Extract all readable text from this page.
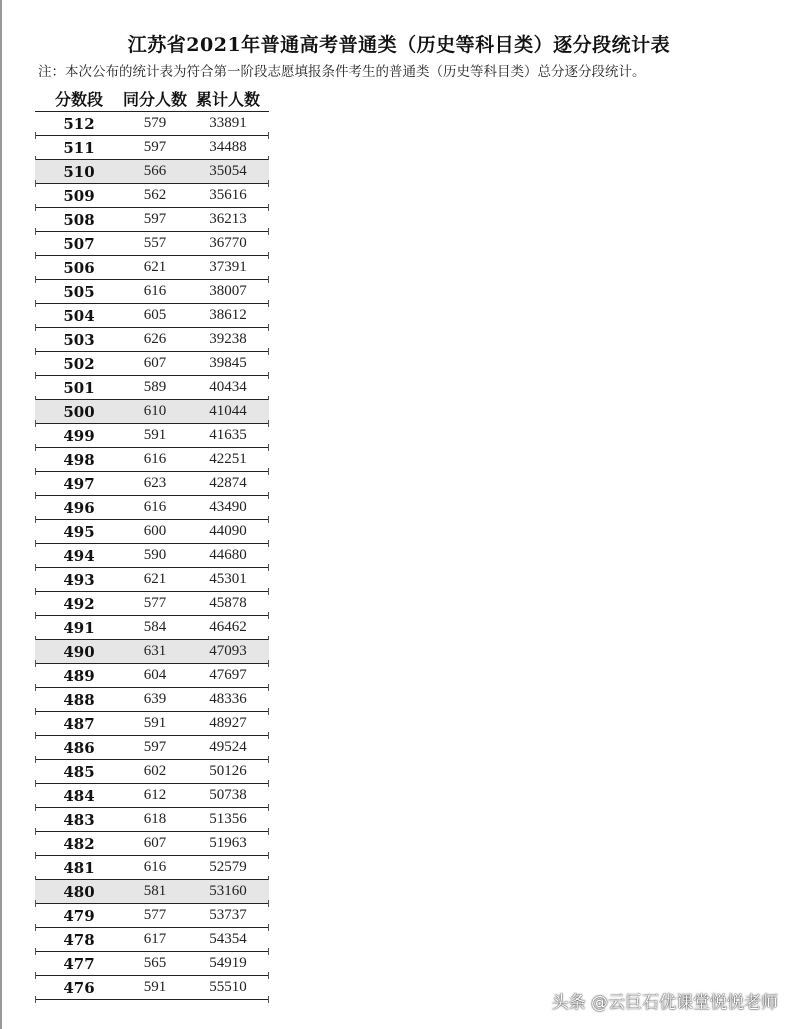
江苏省2021年普通高考普通类（历史等科目类）逐分段统计表
注：本次公布的统计表为符合第一阶段志愿填报条件考生的普通类（历史等科目类）总分逐分段统计。
分数段	同分人数 累计人数
512	579	33891
511	597	34488
510	566	35054
509	562	35616
508	597	36213
507	557	36770
506	621	37391
505	616	38007
504	605	38612
503	626	39238
502	607	39845
501	589	40434
500	610	41044
499	591	41635
498	616	42251
497	623	42874
496	616	43490
495	600	44090
494	590	44680
493	621	45301
492	577	45878
491	584	46462
490	631	47093
489	604	47697
488	639	48336
487	591	48927
486	597	49524
485	602	50126
484	612	50738
483	618	51356
482	607	51963
481	616	52579
480	581	53160
479	577	53737
478	617	54354
477	565	54919
476	591	55510
头条 @云巨石优课堂悦悦老师
